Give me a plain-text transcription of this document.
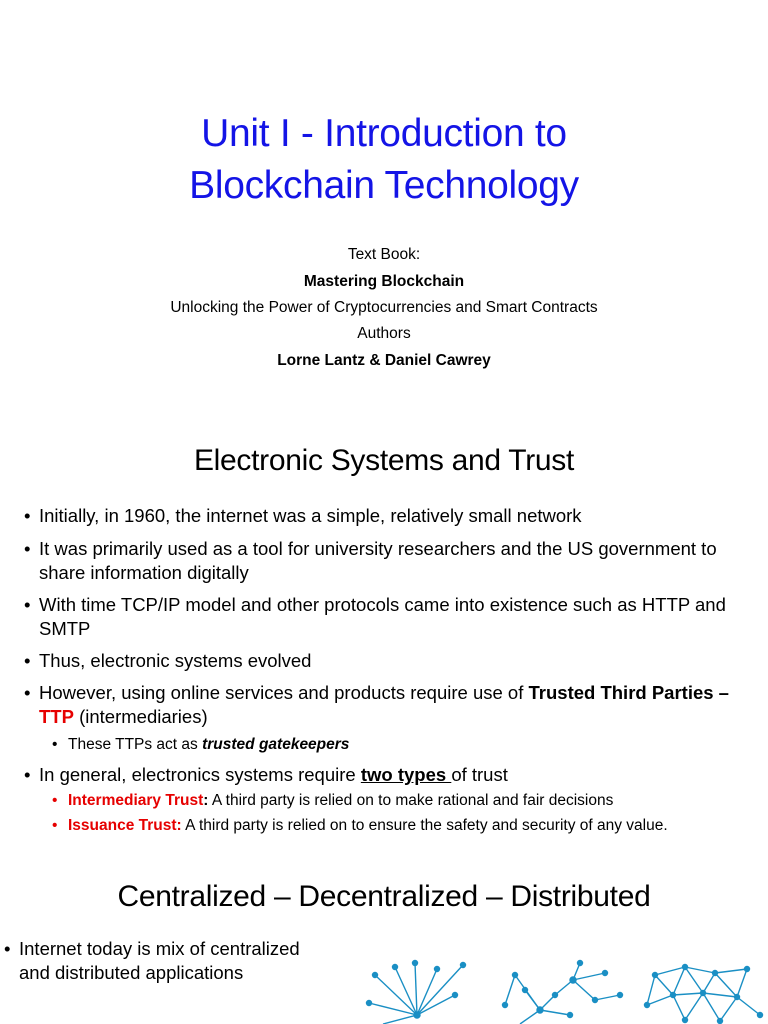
Unit I - Introduction to
Blockchain Technology
Text Book:
Mastering Blockchain
Unlocking the Power of Cryptocurrencies and Smart Contracts
Authors
Lorne Lantz & Daniel Cawrey
Electronic Systems and Trust
• Initially, in 1960, the internet was a simple, relatively small network
• It was primarily used as a tool for university researchers and the US government to share information digitally
• With time TCP/IP model and other protocols came into existence such as HTTP and SMTP
• Thus, electronic systems evolved
• However, using online services and products require use of Trusted Third Parties – TTP (intermediaries)
• These TTPs act as trusted gatekeepers
• In general, electronics systems require two types of trust
• Intermediary Trust: A third party is relied on to make rational and fair decisions
• Issuance Trust: A third party is relied on to ensure the safety and security of any value.
Centralized – Decentralized – Distributed
• Internet today is mix of centralized and distributed applications
